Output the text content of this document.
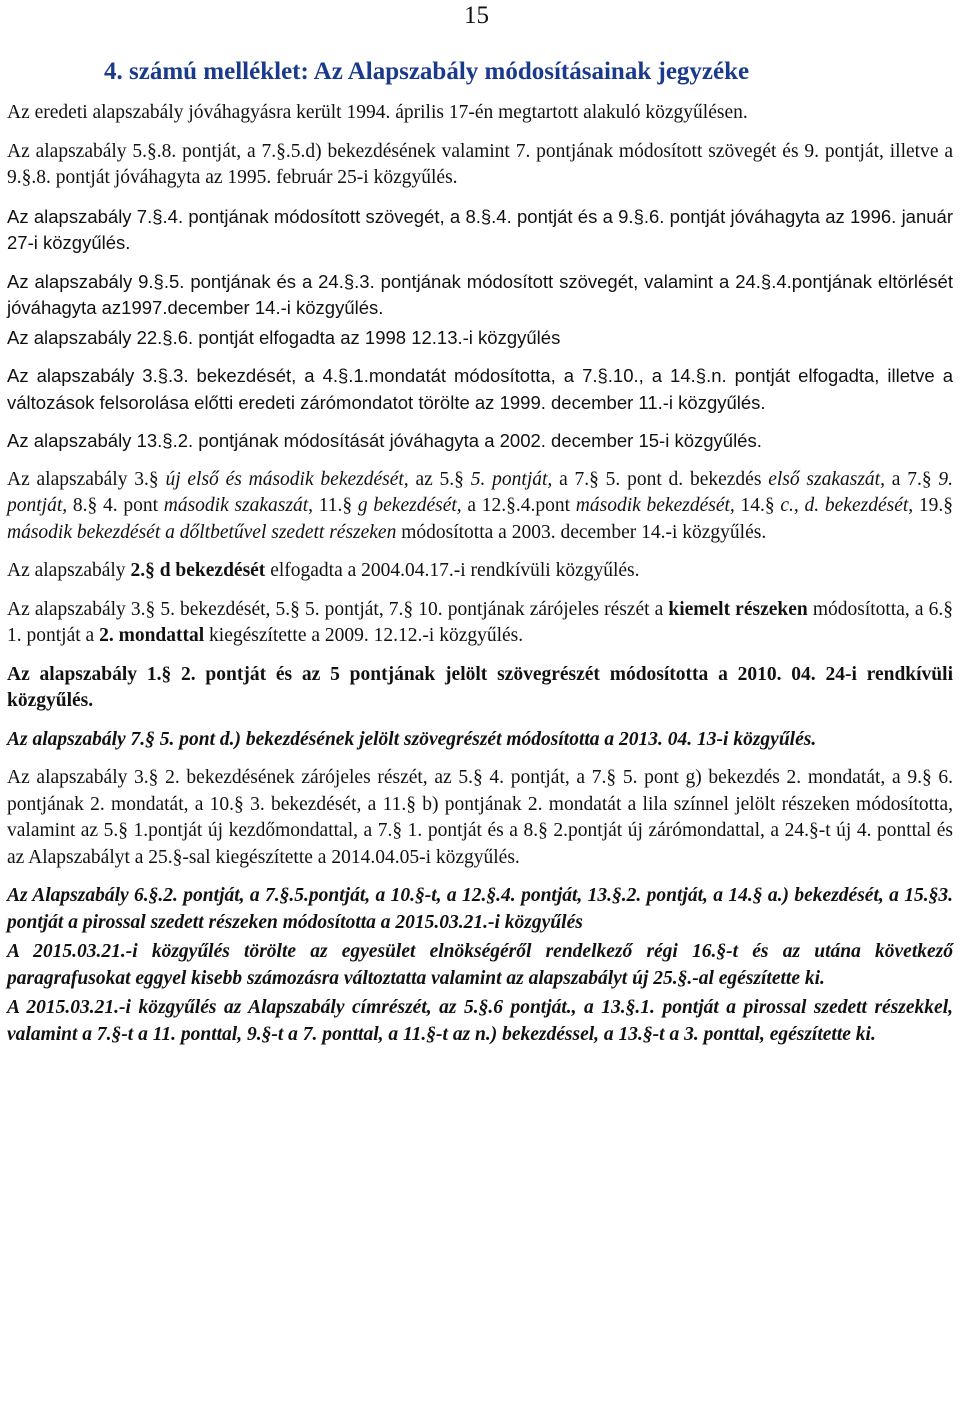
15
4. számú melléklet: Az Alapszabály módosításainak jegyzéke

Az eredeti alapszabály jóváhagyásra került 1994. április 17-én megtartott alakuló közgyűlésen.

Az alapszabály 5.§.8. pontját, a 7.§.5.d) bekezdésének valamint 7. pontjának módosított szövegét és 9. pontját, illetve a 9.§.8. pontját jóváhagyta az 1995. február 25-i közgyűlés.

Az alapszabály 7.§.4. pontjának módosított szövegét, a 8.§.4. pontját és a 9.§.6. pontját jóváhagyta az 1996. január 27-i közgyűlés.

Az alapszabály 9.§.5. pontjának és a 24.§.3. pontjának módosított szövegét, valamint a 24.§.4.pontjának eltörlését jóváhagyta az1997.december 14.-i közgyűlés.

Az alapszabály 22.§.6. pontját elfogadta az 1998 12.13.-i közgyűlés

Az alapszabály 3.§.3. bekezdését, a 4.§.1.mondatát módosította, a 7.§.10., a 14.§.n. pontját elfogadta, illetve a változások felsorolása előtti eredeti zárómondatot törölte az 1999. december 11.-i közgyűlés.

Az alapszabály 13.§.2. pontjának módosítását jóváhagyta a 2002. december 15-i közgyűlés.

Az alapszabály 3.§ új első és második bekezdését, az 5.§ 5. pontját, a 7.§ 5. pont d. bekezdés első szakaszát, a 7.§ 9. pontját, 8.§ 4. pont második szakaszát, 11.§ g bekezdését, a 12.§.4.pont második bekezdését, 14.§ c., d. bekezdését, 19.§ második bekezdését a dőltbetűvel szedett részeken módosította a 2003. december 14.-i közgyűlés.

Az alapszabály 2.§ d bekezdését elfogadta a 2004.04.17.-i rendkívüli közgyűlés.

Az alapszabály 3.§ 5. bekezdését, 5.§ 5. pontját, 7.§ 10. pontjának zárójeles részét a kiemelt részeken módosította, a 6.§ 1. pontját a 2. mondattal kiegészítette a 2009. 12.12.-i közgyűlés.

Az alapszabály 1.§ 2. pontját és az 5 pontjának jelölt szövegrészét módosította a 2010. 04. 24-i rendkívüli közgyűlés.

Az alapszabály 7.§ 5. pont d.) bekezdésének jelölt szövegrészét módosította a 2013. 04. 13-i közgyűlés.

Az alapszabály 3.§ 2. bekezdésének zárójeles részét, az 5.§ 4. pontját, a 7.§ 5. pont g) bekezdés 2. mondatát, a 9.§ 6. pontjának 2. mondatát, a 10.§ 3. bekezdését, a 11.§ b) pontjának 2. mondatát a lila színnel jelölt részeken módosította, valamint az 5.§ 1.pontját új kezdőmondattal, a 7.§ 1. pontját és a 8.§ 2.pontját új zárómondattal, a 24.§-t új 4. ponttal és az Alapszabályt a 25.§-sal kiegészítette a 2014.04.05-i közgyűlés.

Az Alapszabály 6.§.2. pontját, a 7.§.5.pontját, a 10.§-t, a 12.§.4. pontját, 13.§.2. pontját, a 14.§ a.) bekezdését, a 15.§3. pontját a pirossal szedett részeken módosította a 2015.03.21.-i közgyűlés

A 2015.03.21.-i közgyűlés törölte az egyesület elnökségéről rendelkező régi 16.§-t és az utána következő paragrafusokat eggyel kisebb számozásra változtatta valamint az alapszabályt új 25.§.-al egészítette ki.

A 2015.03.21.-i közgyűlés az Alapszabály címrészét, az 5.§.6 pontját., a 13.§.1. pontját a pirossal szedett részekkel, valamint a 7.§-t a 11. ponttal, 9.§-t a 7. ponttal, a 11.§-t az n.) bekezdéssel, a 13.§-t a 3. ponttal, egészítette ki.
